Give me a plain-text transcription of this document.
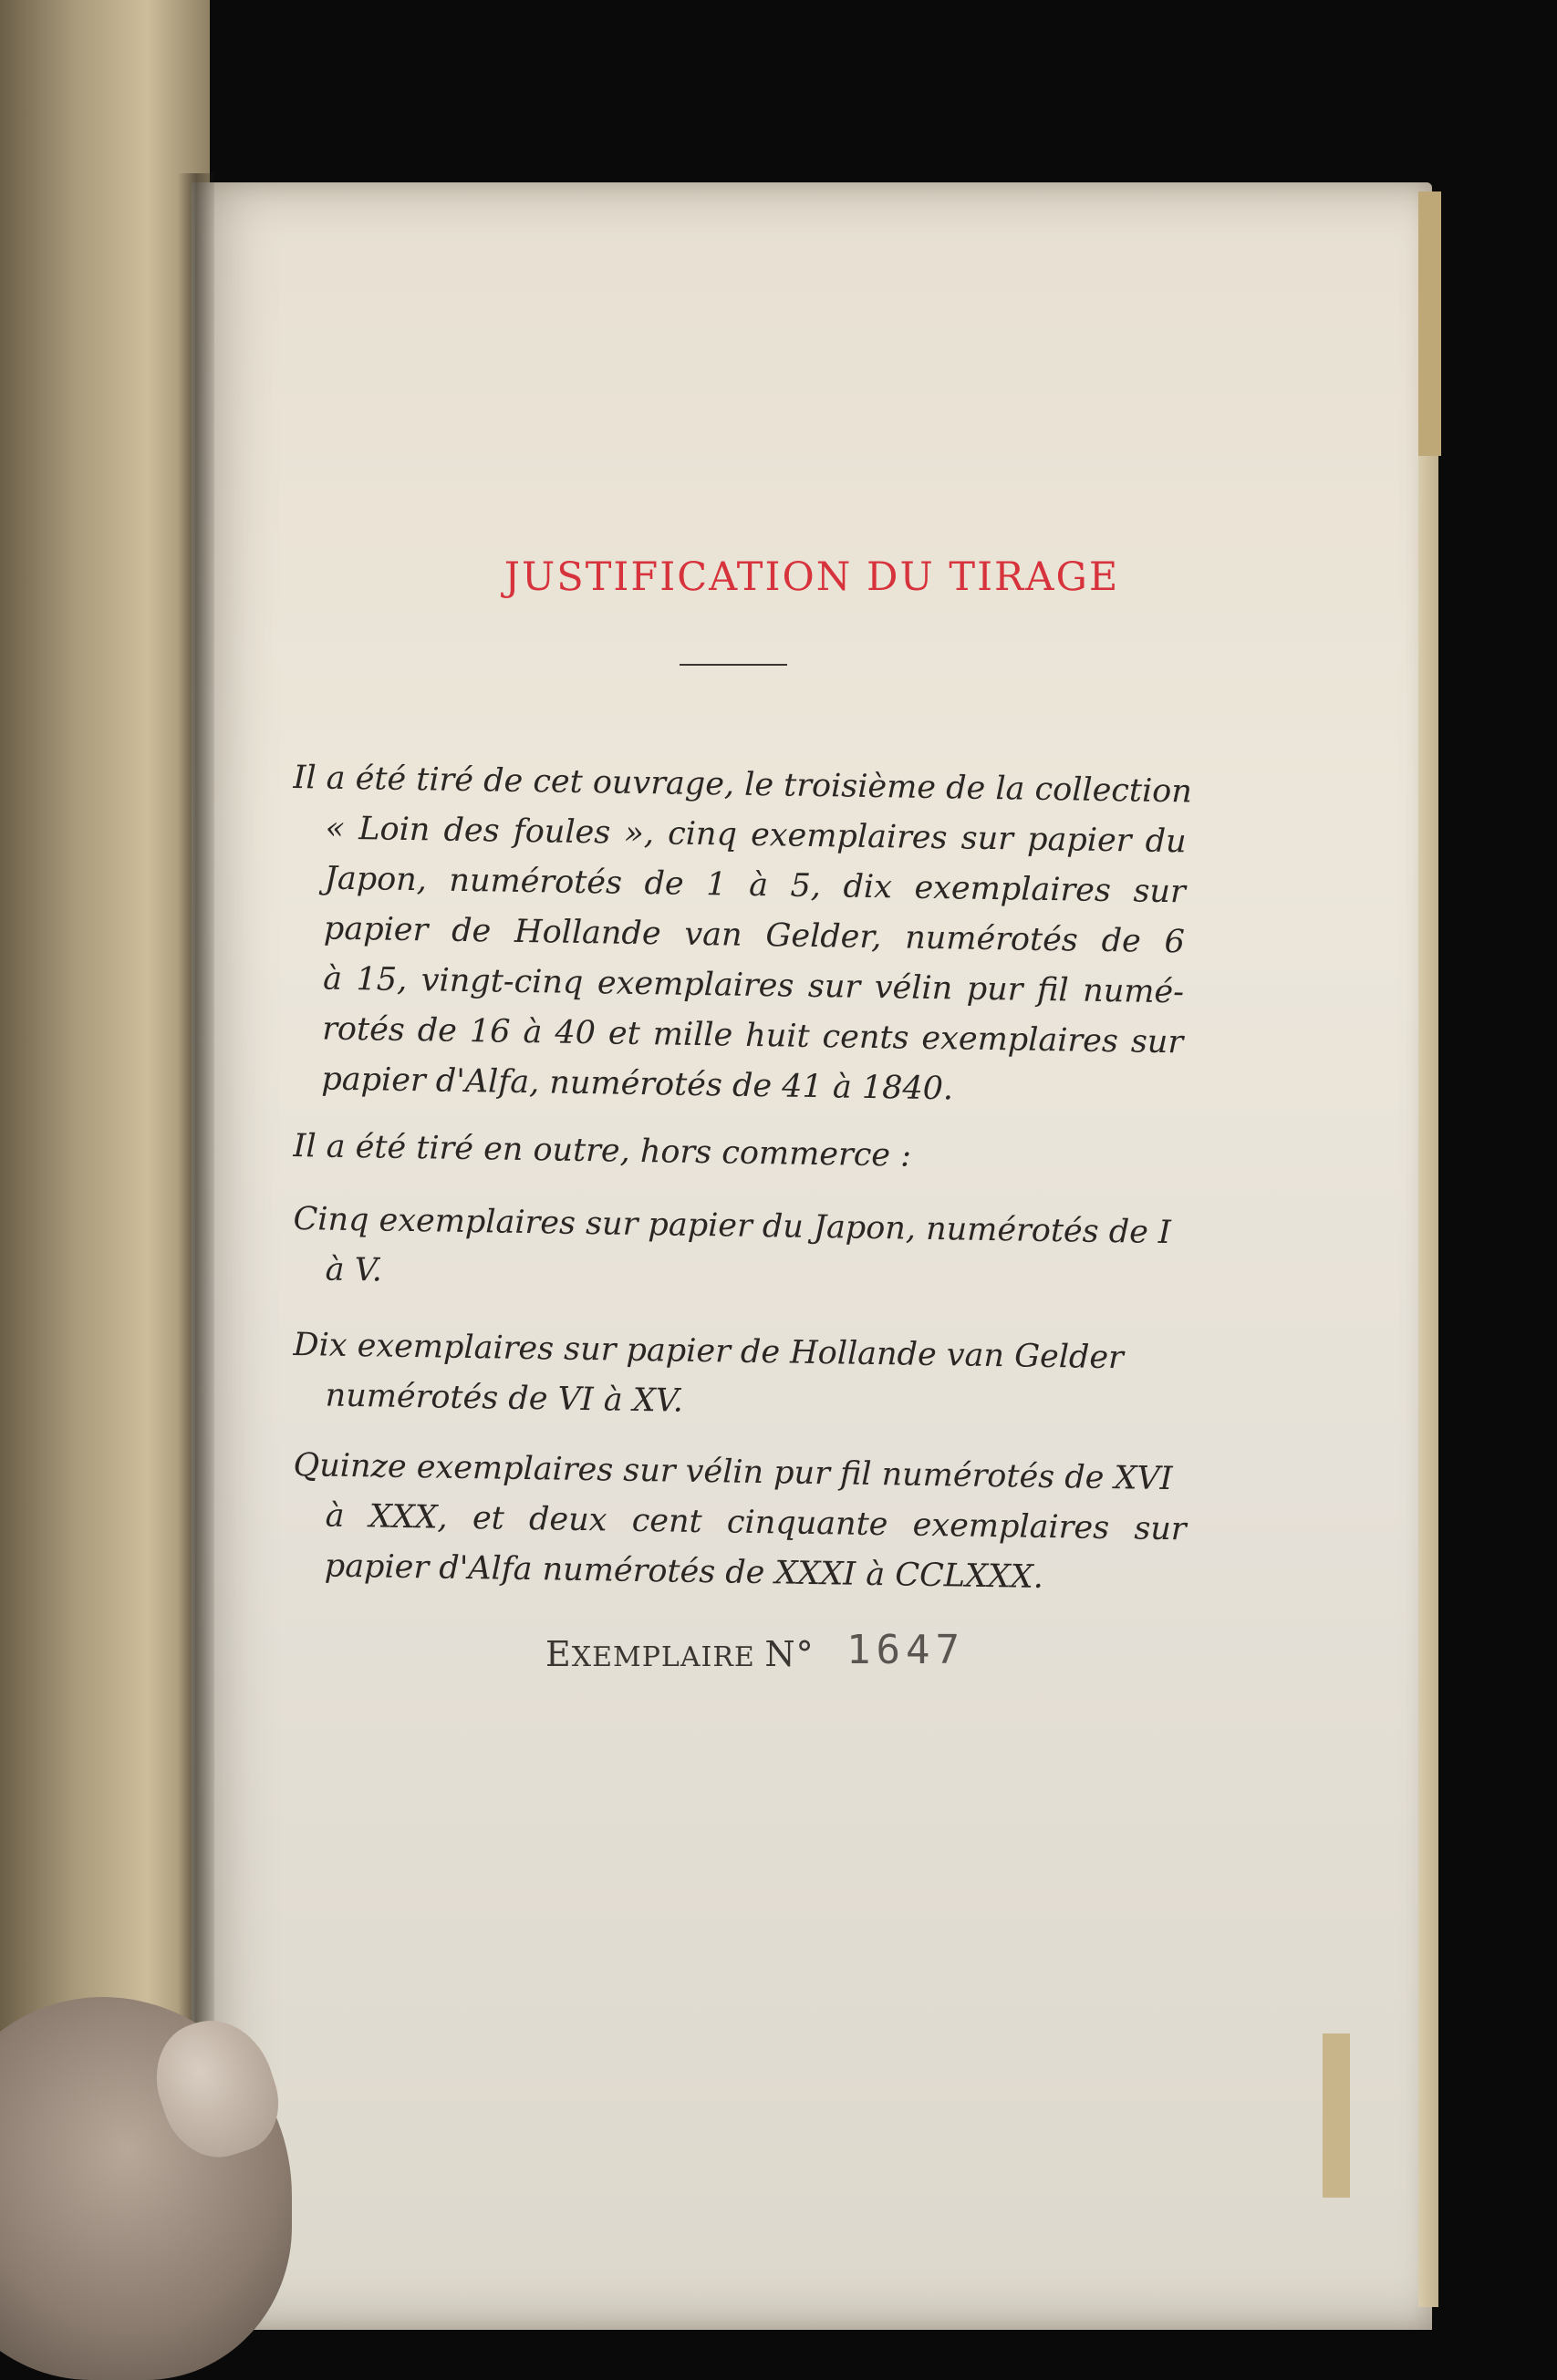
JUSTIFICATION DU TIRAGE
Il a été tiré de cet ouvrage, le troisième de la collection
« Loin des foules », cinq exemplaires sur papier du
Japon, numérotés de 1 à 5, dix exemplaires sur
papier de Hollande van Gelder, numérotés de 6
à 15, vingt-cinq exemplaires sur vélin pur fil numé-
rotés de 16 à 40 et mille huit cents exemplaires sur
papier d'Alfa, numérotés de 41 à 1840.
Il a été tiré en outre, hors commerce :
Cinq exemplaires sur papier du Japon, numérotés de I
à V.
Dix exemplaires sur papier de Hollande van Gelder
numérotés de VI à XV.
Quinze exemplaires sur vélin pur fil numérotés de XVI
à XXX, et deux cent cinquante exemplaires sur
papier d'Alfa numérotés de XXXI à CCLXXX.
EXEMPLAIRE N° 1647
